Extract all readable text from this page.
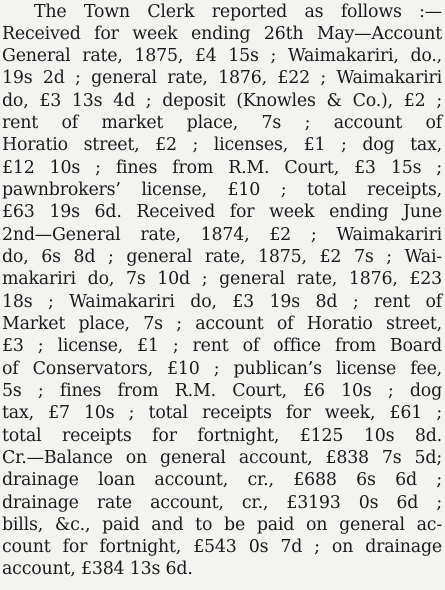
The Town Clerk reported as follows :—
Received for week ending 26th May—Account
General rate, 1875, £4 15s ; Waimakariri, do.,
19s 2d ; general rate, 1876, £22 ; Waimakariri
do, £3 13s 4d ; deposit (Knowles & Co.), £2 ;
rent of market place, 7s ; account of
Horatio street, £2 ; licenses, £1 ; dog tax,
£12 10s ; fines from R.M. Court, £3 15s ;
pawnbrokers’ license, £10 ; total receipts,
£63 19s 6d. Received for week ending June
2nd—General rate, 1874, £2 ; Waimakariri
do, 6s 8d ; general rate, 1875, £2 7s ; Wai-
makariri do, 7s 10d ; general rate, 1876, £23
18s ; Waimakariri do, £3 19s 8d ; rent of
Market place, 7s ; account of Horatio street,
£3 ; license, £1 ; rent of office from Board
of Conservators, £10 ; publican’s license fee,
5s ; fines from R.M. Court, £6 10s ; dog
tax, £7 10s ; total receipts for week, £61 ;
total receipts for fortnight, £125 10s 8d.
Cr.—Balance on general account, £838 7s 5d;
drainage loan account, cr., £688 6s 6d ;
drainage rate account, cr., £3193 0s 6d ;
bills, &c., paid and to be paid on general ac-
count for fortnight, £543 0s 7d ; on drainage
account, £384 13s 6d.
